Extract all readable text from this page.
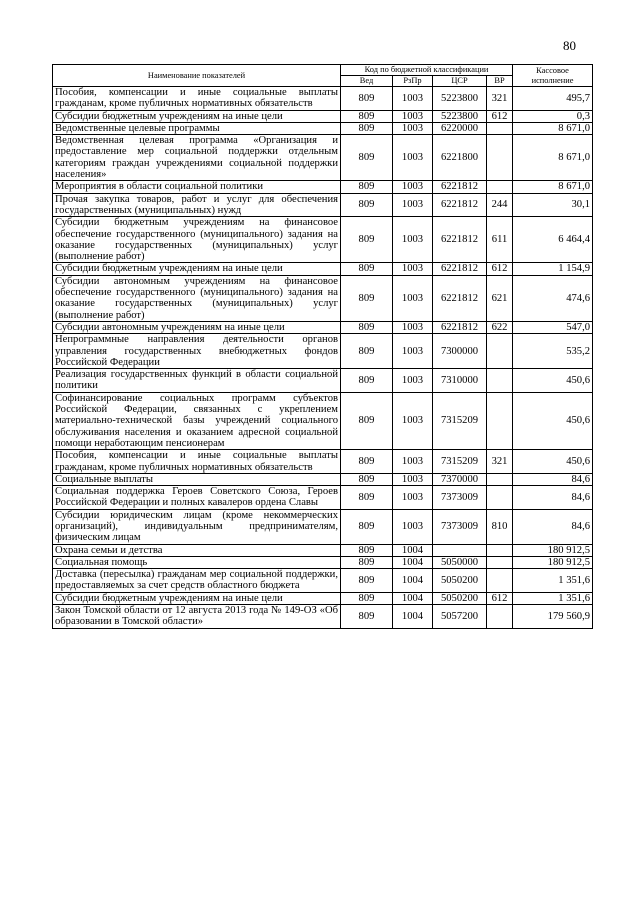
80
Наименование показателей	Код по бюджетной классификации				Кассовое исполнение
	Вед	РзПр	ЦСР	ВР	
Пособия, компенсации и иные социальные выплаты гражданам, кроме публичных нормативных обязательств	809	1003	5223800	321	495,7
Субсидии бюджетным учреждениям на иные цели	809	1003	5223800	612	0,3
Ведомственные целевые программы	809	1003	6220000		8 671,0
Ведомственная целевая программа «Организация и предоставление мер социальной поддержки отдельным категориям граждан учреждениями социальной поддержки населения»	809	1003	6221800		8 671,0
Мероприятия в области социальной политики	809	1003	6221812		8 671,0
Прочая закупка товаров, работ и услуг для обеспечения государственных (муниципальных) нужд	809	1003	6221812	244	30,1
Субсидии бюджетным учреждениям на финансовое обеспечение государственного (муниципального) задания на оказание государственных (муниципальных) услуг (выполнение работ)	809	1003	6221812	611	6 464,4
Субсидии бюджетным учреждениям на иные цели	809	1003	6221812	612	1 154,9
Субсидии автономным учреждениям на финансовое обеспечение государственного (муниципального) задания на оказание государственных (муниципальных) услуг (выполнение работ)	809	1003	6221812	621	474,6
Субсидии автономным учреждениям на иные цели	809	1003	6221812	622	547,0
Непрограммные направления деятельности органов управления государственных внебюджетных фондов Российской Федерации	809	1003	7300000		535,2
Реализация государственных функций в области социальной политики	809	1003	7310000		450,6
Софинансирование социальных программ субъектов Российской Федерации, связанных с укреплением материально-технической базы учреждений социального обслуживания населения и оказанием адресной социальной помощи неработающим пенсионерам	809	1003	7315209		450,6
Пособия, компенсации и иные социальные выплаты гражданам, кроме публичных нормативных обязательств	809	1003	7315209	321	450,6
Социальные выплаты	809	1003	7370000		84,6
Социальная поддержка Героев Советского Союза, Героев Российской Федерации и полных кавалеров ордена Славы	809	1003	7373009		84,6
Субсидии юридическим лицам (кроме некоммерческих организаций), индивидуальным предпринимателям, физическим лицам	809	1003	7373009	810	84,6
Охрана семьи и детства	809	1004			180 912,5
Социальная помощь	809	1004	5050000		180 912,5
Доставка (пересылка) гражданам мер социальной поддержки, предоставляемых за счет средств областного бюджета	809	1004	5050200		1 351,6
Субсидии бюджетным учреждениям на иные цели	809	1004	5050200	612	1 351,6
Закон Томской области от 12 августа 2013 года № 149-ОЗ «Об образовании в Томской области»	809	1004	5057200		179 560,9
